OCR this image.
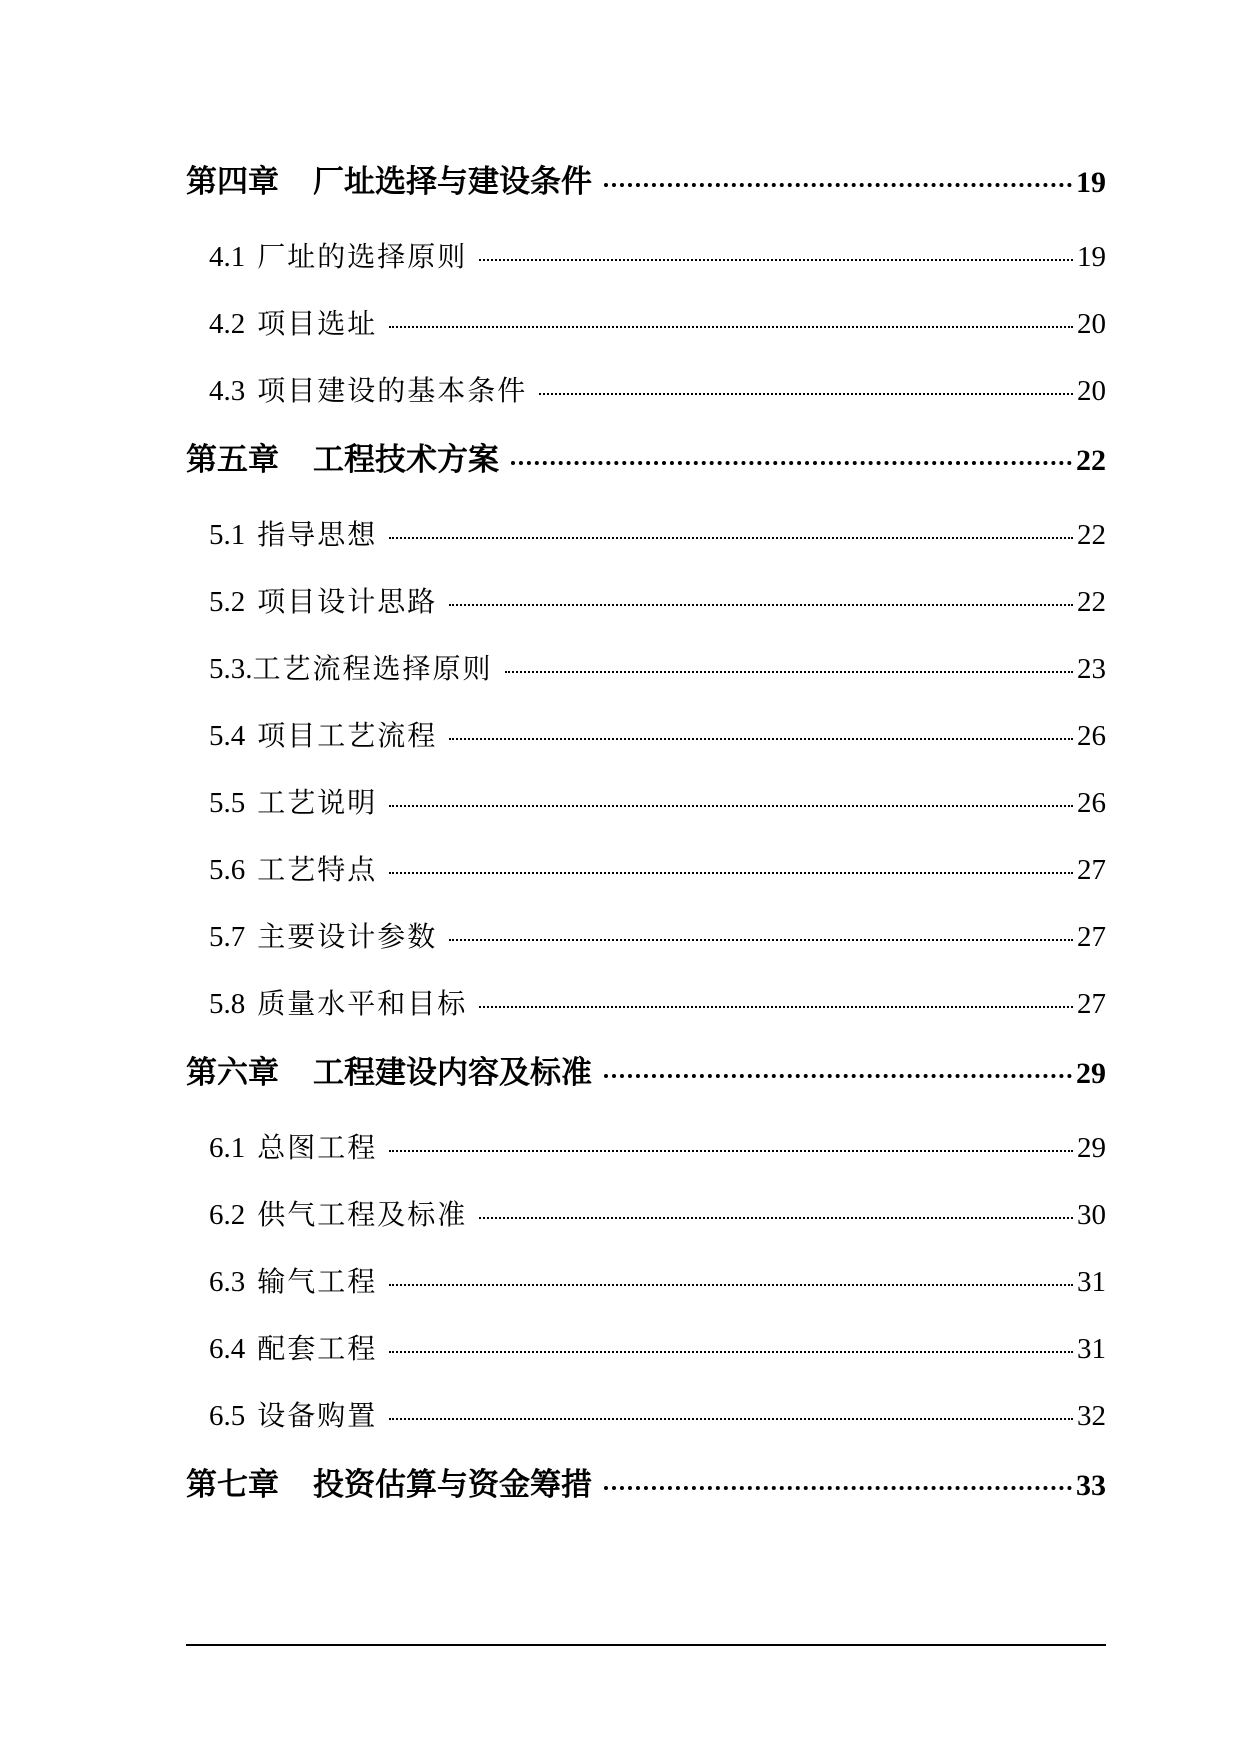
第四章 厂址选择与建设条件	19
4.1 厂址的选择原则	19
4.2 项目选址	20
4.3 项目建设的基本条件	20
第五章 工程技术方案	22
5.1 指导思想	22
5.2 项目设计思路	22
5.3. 工艺流程选择原则	23
5.4 项目工艺流程	26
5.5 工艺说明	26
5.6 工艺特点	27
5.7 主要设计参数	27
5.8 质量水平和目标	27
第六章 工程建设内容及标准	29
6.1 总图工程	29
6.2 供气工程及标准	30
6.3 输气工程	31
6.4 配套工程	31
6.5 设备购置	32
第七章 投资估算与资金筹措	33
